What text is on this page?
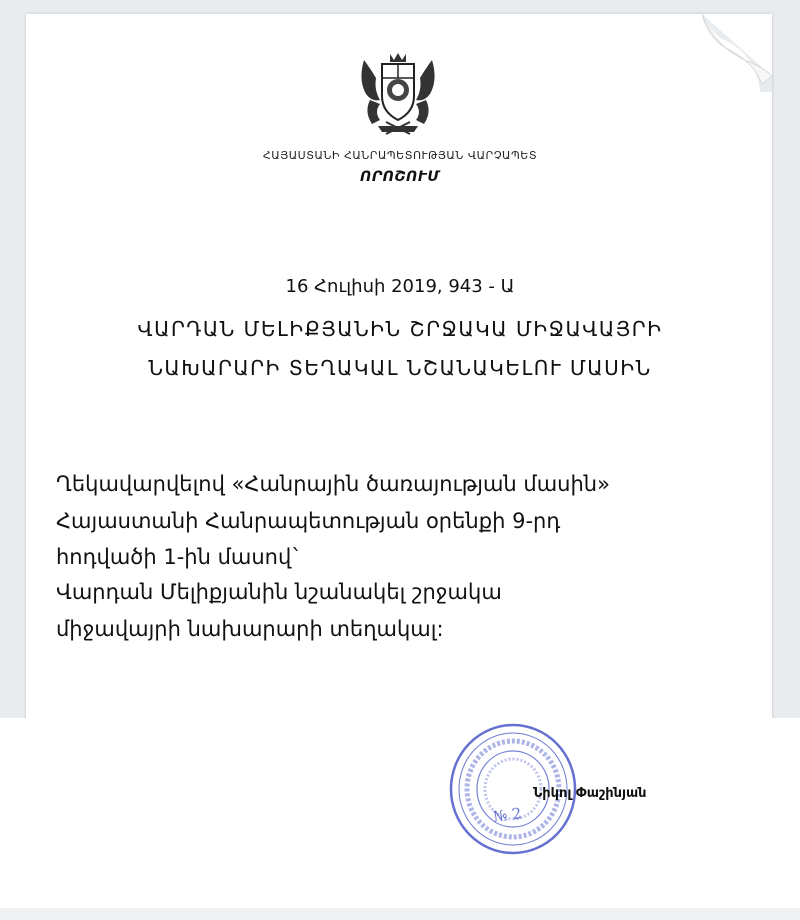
ՀԱՅԱՍՏԱՆԻ ՀԱՆՐԱՊԵՏՈՒԹՅԱՆ ՎԱՐՉԱՊԵՏ
ՈՐՈՇՈՒՄ
16 Հուլիսի 2019, 943 - Ա
ՎԱՐԴԱՆ ՄԵԼԻՔՅԱՆԻՆ ՇՐՋԱԿԱ ՄԻՋԱՎԱՅՐԻ
ՆԱԽԱՐԱՐԻ ՏԵՂԱԿԱԼ ՆՇԱՆԱԿԵԼՈՒ ՄԱՍԻՆ
Ղեկավարվելով «Հանրային ծառայության մասին»
Հայաստանի Հանրապետության օրենքի 9-րդ
հոդվածի 1-ին մասով`
Վարդան Մելիքյանին նշանակել շրջակա
միջավայրի նախարարի տեղակալ:
№ 2
Նիկոլ Փաշինյան
